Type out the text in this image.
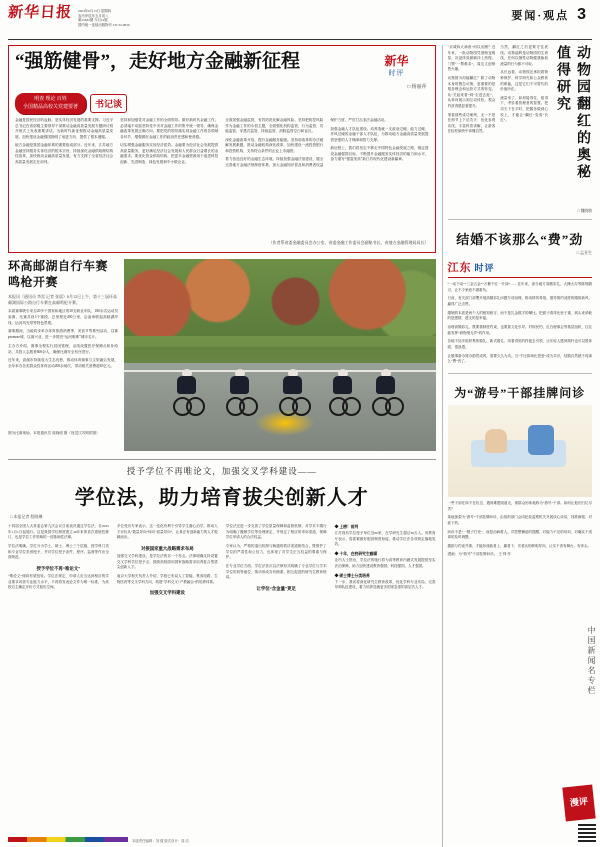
新华日报 2024年6月13日 星期四
农历甲辰年五月初八
第25632期 今日12版
国内统一连续出版物号 CN 32-0050
要闻·观点 3
“强筋健骨”，走好地方金融新征程	新华
时评
□ 杨丽萍
明查 理论 百姓
全国精品高校关党建要著	书记谈

金融是国民经济的血脉，是实体经济发展的重要支撑。习近平总书记在省部级主要领导干部推动金融高质量发展专题研讨班开班式上发表重要讲话，为新时代新征程推动金融高质量发展、加快建设金融强国指明了前进方向、提供了根本遵循。

地方金融是我国金融体系的重要组成部分。近年来，江苏地方金融坚持服务实体经济的根本宗旨，持续深化金融供给侧结构性改革，加快推动金融高质量发展，有力支撑了全省经济社会高质量发展走在前列。

坚持和加强党对金融工作的全面领导。做好新时代金融工作，必须毫不动摇坚持党中央对金融工作的集中统一领导，确保金融改革发展正确方向。要把党的领导落实到金融工作的各领域各环节，增强做好金融工作的政治责任感和使命感。

切实增强金融服务实体经济质效。金融要为经济社会发展提供高质量服务，更好满足经济社会发展和人民群众日益增长的金融需求。要优化资金供给结构，把更多金融资源用于促进科技创新、先进制造、绿色发展和中小微企业。

全面加强金融监管，有效防范化解金融风险。坚持把防控风险作为金融工作的永恒主题，全面强化机构监管、行为监管、功能监管、穿透式监管、持续监管，消除监管空白和盲区。

深化金融改革开放，提升金融服务能级。坚持用改革的办法破解发展难题，推动金融机构深化改革，加快建设一流投资银行和投资机构，支持符合条件的企业上市融资。

着力营造良好的金融生态环境。持续加强金融法治建设，健全完善地方金融法规制度体系，加大金融知识普及和消费者权益保护力度，严厉打击非法金融活动。

加强金融人才队伍建设。培养造就一支政治过硬、能力过硬、作风过硬的金融干部人才队伍，为推动地方金融高质量发展提供坚强的人才保障和智力支撑。

新征程上，我们将坚定不移走中国特色金融发展之路，锚定建设金融强国目标，不断提升金融服务实体经济的能力和水平，奋力谱写“强富美高”新江苏现代化建设新篇章。

（作者系省委金融委员会办公室、省委金融工作委员会副秘书长，省地方金融管理局局长）
环高邮湖自行车赛鸣枪开赛
本报讯（通讯员 李雷 记者 张晨）6月12日上午，第十三届环高邮湖国际公路自行车赛在高邮鸣枪开赛。

本届赛事吸引来自20多个国家和地区的30支职业车队、180余名运动员参赛，比赛共设3个赛段，总里程近400公里，沿途串联起高邮湖岸线、运河风光带等特色景观。

赛事期间，当地同步举办体育旅游消费季、美食节等系列活动，以赛promote城、以赛兴业，进一步擦亮“运河明珠”城市名片。

主办方介绍，赛事全程实行封闭管理，沿线设置医疗保障点和补给站，共投入志愿者600余人，确保比赛安全有序进行。

近年来，高邮市持续放大生态优势，推动体育赛事与文旅融合发展，全年举办各类群众性体育活动200余场次，带动相关消费超10亿元。

图为比赛现场。本报通讯员 周晓明 摄（视觉江苏网供图）
授予学位不再唯论文，加强交叉学科建设——
学位法，助力培育拔尖创新人才
□ 本报记者 程晓琳

十四届全国人大常委会第九次会议日前表决通过学位法，自2025年1月1日起施行。这是我国学位制度建立40年来的首次系统性修订，也是学位工作领域的一部基础性法律。

学位法明确，学位分为学士、硕士、博士三个层级，按学科门类和专业学位类别授予，并对学位授予条件、程序、监督等作出全面规范。

授予学位不再“唯论文”

“唯论文”倾向有望扭转。学位法规定，申请人应当达到相应的学业要求或者专业能力水平，不再将发表论文作为唯一标准，为高校自主确定评价方式留出空间。

多位受访专家表示，这一变化有利于引导学生潜心治学，推动人才评价从“数量导向”转向“质量导向”，让真正有创新能力的人才脱颖而出。

对接国家重大战略需求布局

加强交叉学科建设，是学位法的另一个亮点。法律明确支持设置交叉学科学位授予点，鼓励高校面向国家战略需求培养复合型拔尖创新人才。

南京大学相关负责人介绍，学校已布局人工智能、集成电路、生物医药等交叉学科方向，构建“学科交叉+产教融合”的培养体系。

加强交叉学科建设

学位法还进一步完善了学位质量保障和监督机制，对学术不端行为明确了撤销学位等处理规定，并规定了相应的申诉渠道，保障学位申请人的合法权益。

专家认为，严格的退出机制与畅通的救济渠道相结合，既维护了学位的严肃性和公信力，也体现了对学生正当权益的尊重与保护。

在专业学位方面，学位法首次以法律形式明确了专业学位与学术学位的同等地位，推动形成各有侧重、相互促进的研究生教育格局。

让学位“含金量”更足
◆ 上榜！前列

江苏现有学位授予单位近60家，在学研究生超过30万人。省教育厅表示，将抓紧做好配套制度衔接，推动学位法各项规定落地见效。

◆ 十年，在校研究生翻番

业内人士指出，学位法的施行将为高等教育内涵式发展提供坚实法治保障，助力加快建设教育强国、科技强国、人才强国。

◆ 硕士博士分类培养

下一步，我省将深化研究生教育改革，优化学科专业布局，完善导师队伍建设，着力培养造就更多国家急需的高层次人才。

“京城四大神兽”何以出圈？近年来，一批动物园凭借萌宠明星、沉浸体验频频冲上热搜，门票“一票难求”，周边文创销售火爆。

动物园为何能翻红？除了动物本身的憨态可掬，更重要的是服务理念和运营方式的转变。从“关起来看”到“走进去逛”，从单向展示到互动体验，观众的获得感显著提升。

细看那些成功案例，无一不是在细节上下足功夫：优化参观动线，丰富科普讲解，让游客在轻松愉快中读懂自然。

当然，翻红之后更要守住底线。动物福利是动物园的生命线，任何以牺牲动物健康换取流量的行为都不可取。

从长远看，动物园还承担着物种保护、科学研究和公众教育的职能，这是它们不可替代的价值所在。

流量来了，如何接得住、留得下，考验着管理者的智慧。把功夫下在平时，把服务做到心坎上，才能让“翻红”变成“长红”。	动物园翻红的奥秘值得研究
□ 魏晓敏
结婚不该那么“费”劲
□ 孟亚生
江东 时评

“一动不动”“三金五金”“万紫千红一片绿”……近年来，部分地方高额彩礼、大操大办等陈规陋习，让不少家庭不堪重负。

日前，有关部门部署开展高额彩礼问题专项治理，推动移风易俗，倡导简约适度的婚俗新风，赢得广泛点赞。

婚姻的本质是两个人的相知相守，而不是礼金数字的攀比。把面子看得比里子重，到头来消耗的是感情，透支的是幸福。

治理高额彩礼，既要靠制度约束，也要靠文化引导。村规民约、红白理事会等基层组织，往往能发挥“润物细无声”的作用。

各地不妨多组织集体婚礼、新式婚礼，用看得见的样板去引领，让年轻人感到简朴也可以很体面、很浪漫。

让婚事新办简办蔚然成风，需要久久为功。当“不比排场比恩爱”成为共识，结婚自然就不再那么“费”劲了。

为“游号”干部挂牌问诊

一些干部在岗不在状态，遇到难题绕道走，被群众形象地称为“游号”干部。如何让他们归位尽责？

某地探索为“游号”干部挂牌问诊，由组织部门会同纪检监察机关开展谈心谈话，找准病根、对症下药。

问诊不是“一棍子打死”，而是治病救人。对思想懈怠的提醒，对能力不足的培训，对确实不适岗的及时调整。

激励与约束并重，才能形成能者上、庸者下、劣者汰的鲜明导向，让实干者有舞台、有奔头。

漫画：为“游号”干部挂牌问诊。 王 铎 作
中国新闻名专栏
漫评
本版责任编辑：刘 健 版式设计：周 洁
